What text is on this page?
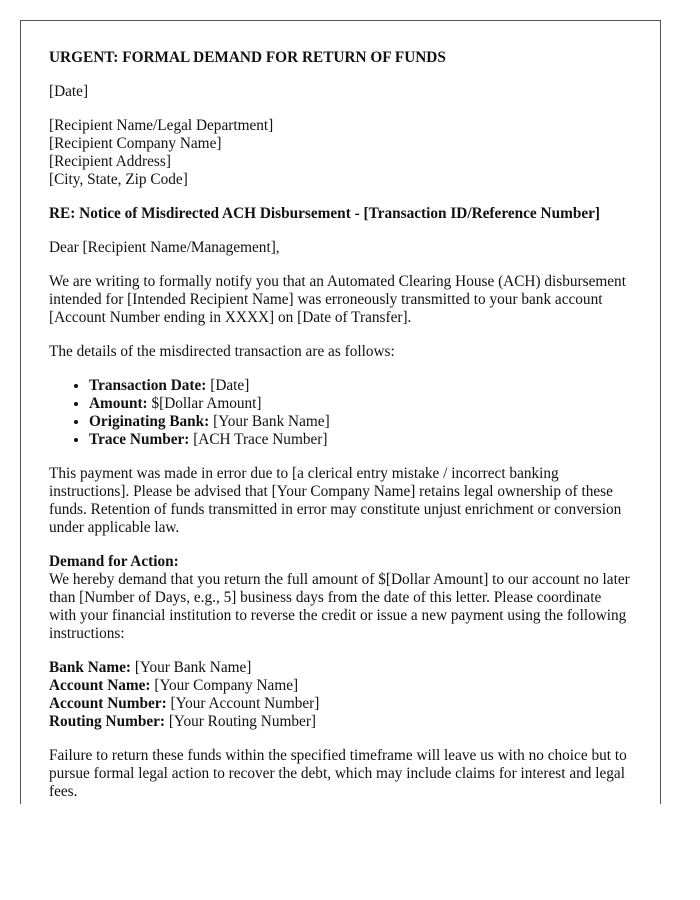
URGENT: FORMAL DEMAND FOR RETURN OF FUNDS

[Date]

[Recipient Name/Legal Department]
[Recipient Company Name]
[Recipient Address]
[City, State, Zip Code]

RE: Notice of Misdirected ACH Disbursement - [Transaction ID/Reference Number]

Dear [Recipient Name/Management],

We are writing to formally notify you that an Automated Clearing House (ACH) disbursement intended for [Intended Recipient Name] was erroneously transmitted to your bank account [Account Number ending in XXXX] on [Date of Transfer].

The details of the misdirected transaction are as follows:

• Transaction Date: [Date]
• Amount: $[Dollar Amount]
• Originating Bank: [Your Bank Name]
• Trace Number: [ACH Trace Number]

This payment was made in error due to [a clerical entry mistake / incorrect banking instructions]. Please be advised that [Your Company Name] retains legal ownership of these funds. Retention of funds transmitted in error may constitute unjust enrichment or conversion under applicable law.

Demand for Action:
We hereby demand that you return the full amount of $[Dollar Amount] to our account no later than [Number of Days, e.g., 5] business days from the date of this letter. Please coordinate with your financial institution to reverse the credit or issue a new payment using the following instructions:

Bank Name: [Your Bank Name]
Account Name: [Your Company Name]
Account Number: [Your Account Number]
Routing Number: [Your Routing Number]

Failure to return these funds within the specified timeframe will leave us with no choice but to pursue formal legal action to recover the debt, which may include claims for interest and legal fees.
